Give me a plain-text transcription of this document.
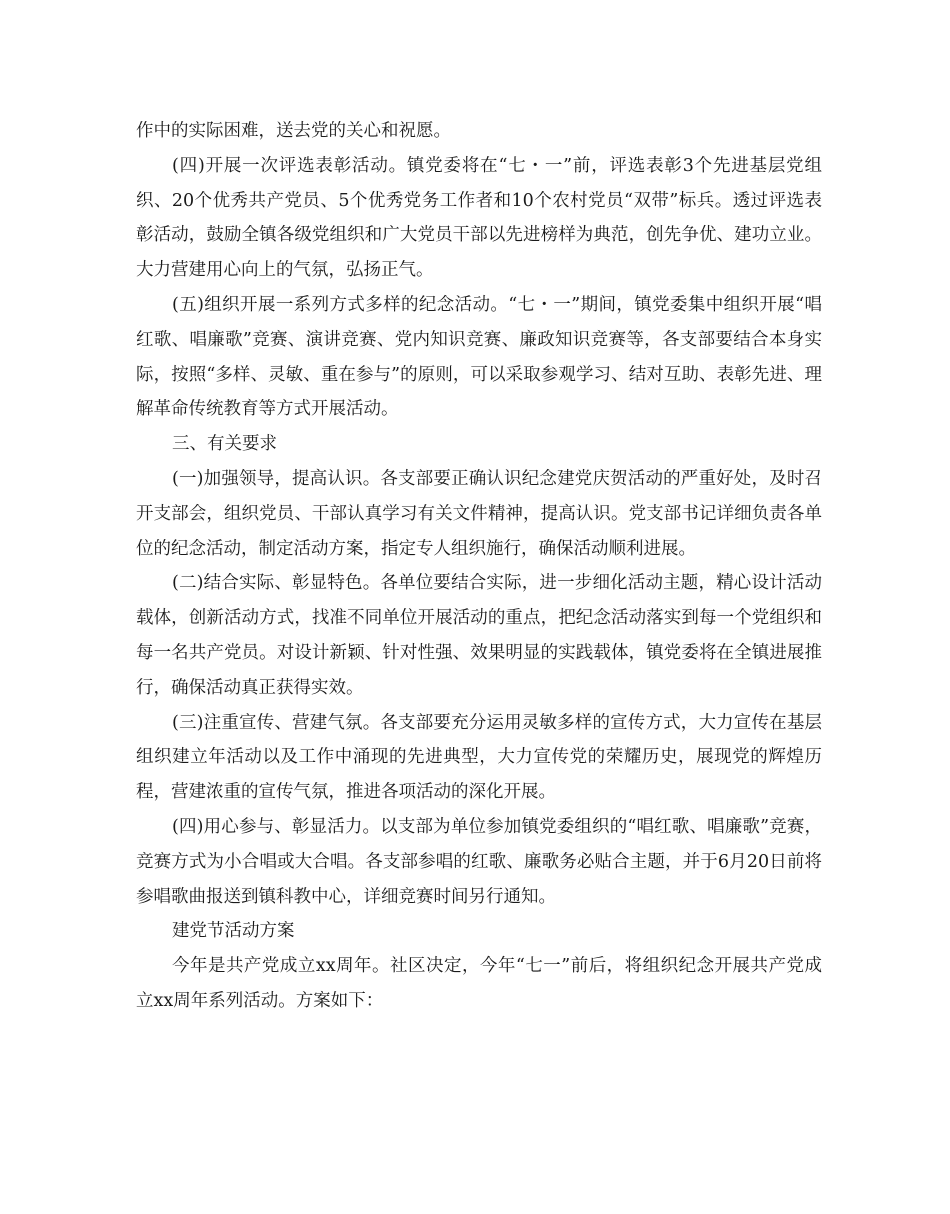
作中的实际困难，送去党的关心和祝愿。

(四)开展一次评选表彰活动。镇党委将在“七・一”前，评选表彰3个先进基层党组织、20个优秀共产党员、5个优秀党务工作者和10个农村党员“双带”标兵。透过评选表彰活动，鼓励全镇各级党组织和广大党员干部以先进榜样为典范，创先争优、建功立业。大力营建用心向上的气氛，弘扬正气。

(五)组织开展一系列方式多样的纪念活动。“七・一”期间，镇党委集中组织开展“唱红歌、唱廉歌”竞赛、演讲竞赛、党内知识竞赛、廉政知识竞赛等，各支部要结合本身实际，按照“多样、灵敏、重在参与”的原则，可以采取参观学习、结对互助、表彰先进、理解革命传统教育等方式开展活动。

三、有关要求

(一)加强领导，提高认识。各支部要正确认识纪念建党庆贺活动的严重好处，及时召开支部会，组织党员、干部认真学习有关文件精神，提高认识。党支部书记详细负责各单位的纪念活动，制定活动方案，指定专人组织施行，确保活动顺利进展。

(二)结合实际、彰显特色。各单位要结合实际，进一步细化活动主题，精心设计活动载体，创新活动方式，找准不同单位开展活动的重点，把纪念活动落实到每一个党组织和每一名共产党员。对设计新颖、针对性强、效果明显的实践载体，镇党委将在全镇进展推行，确保活动真正获得实效。

(三)注重宣传、营建气氛。各支部要充分运用灵敏多样的宣传方式，大力宣传在基层组织建立年活动以及工作中涌现的先进典型，大力宣传党的荣耀历史，展现党的辉煌历程，营建浓重的宣传气氛，推进各项活动的深化开展。

(四)用心参与、彰显活力。以支部为单位参加镇党委组织的“唱红歌、唱廉歌”竞赛，竞赛方式为小合唱或大合唱。各支部参唱的红歌、廉歌务必贴合主题，并于6月20日前将参唱歌曲报送到镇科教中心，详细竞赛时间另行通知。

建党节活动方案

今年是共产党成立xx周年。社区决定，今年“七一”前后，将组织纪念开展共产党成立xx周年系列活动。方案如下：
